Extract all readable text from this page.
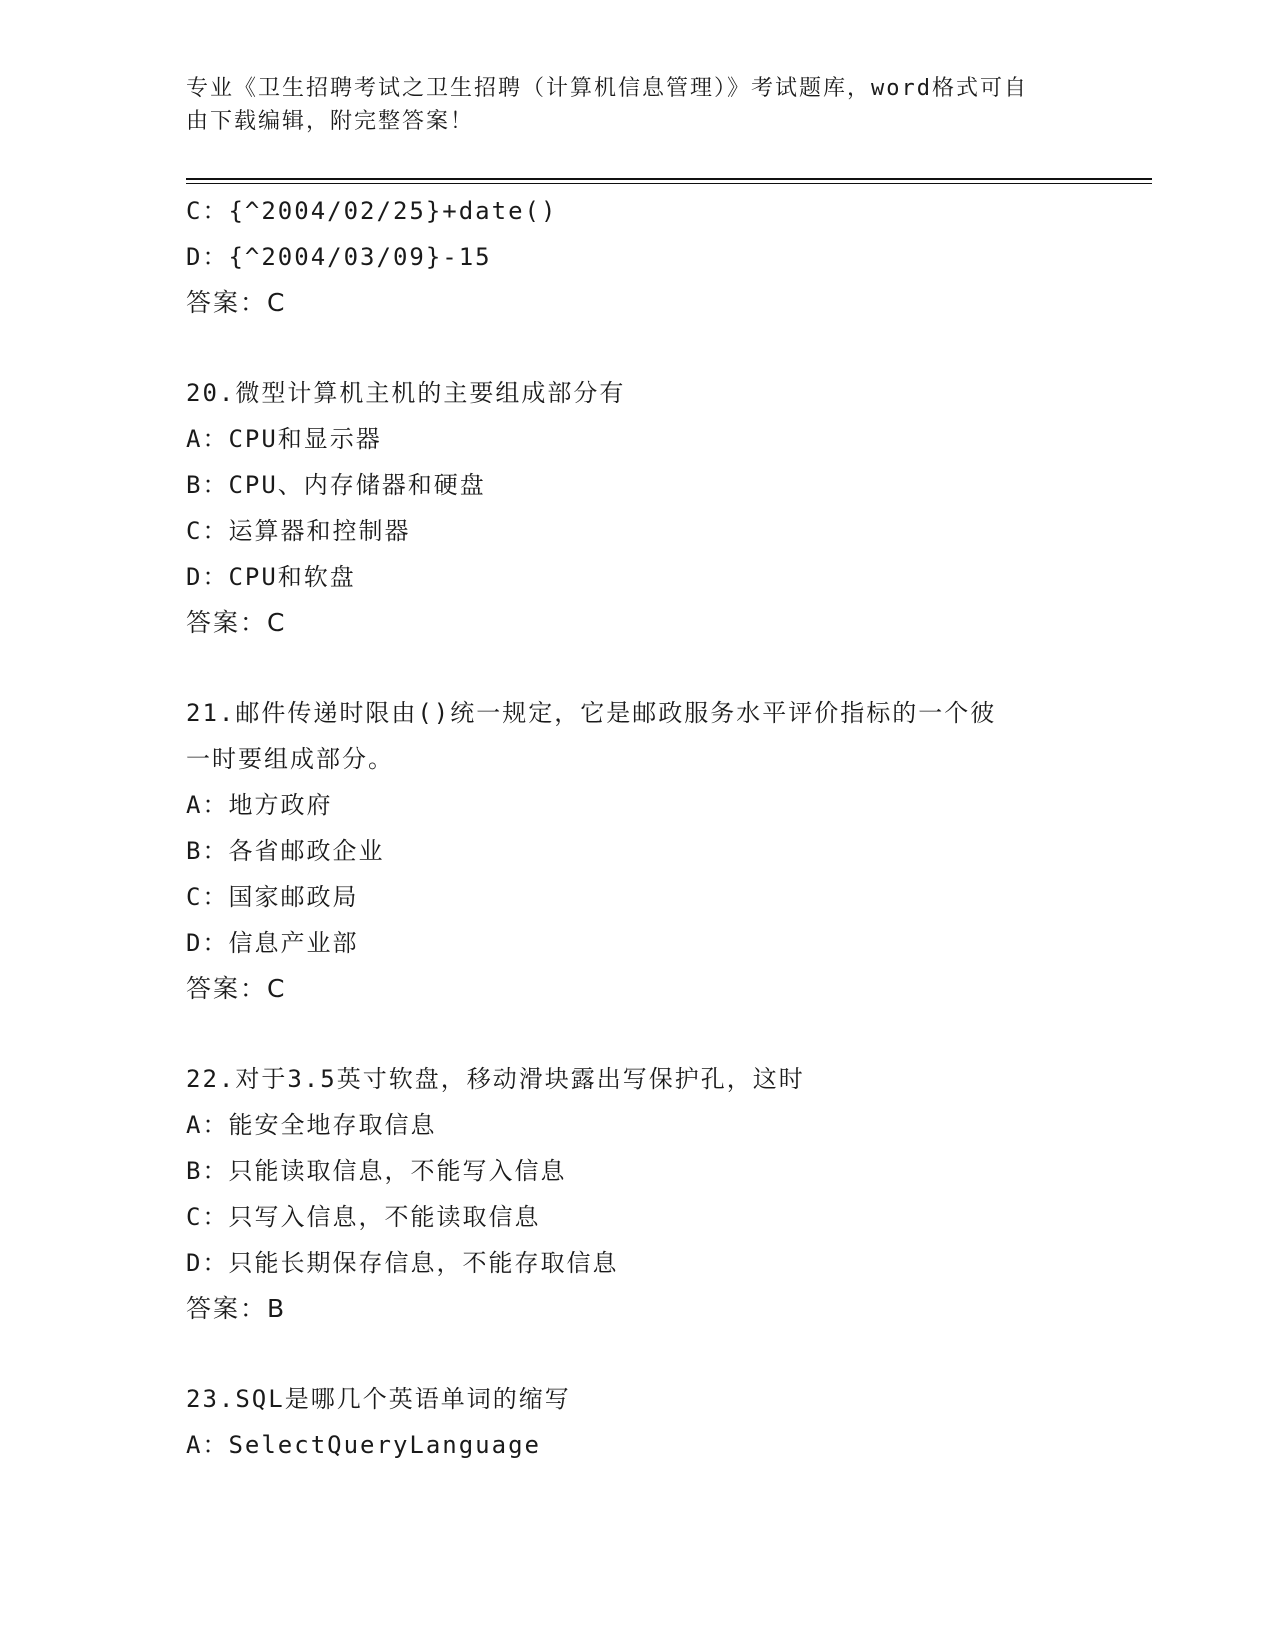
专业《卫生招聘考试之卫生招聘（计算机信息管理）》考试题库，word格式可自
由下载编辑，附完整答案！
C：{^2004/02/25}+date()
D：{^2004/03/09}-15
答案：C
20.微型计算机主机的主要组成部分有
A：CPU和显示器
B：CPU、内存储器和硬盘
C：运算器和控制器
D：CPU和软盘
答案：C
21.邮件传递时限由()统一规定，它是邮政服务水平评价指标的一个彼
一时要组成部分。
A：地方政府
B：各省邮政企业
C：国家邮政局
D：信息产业部
答案：C
22.对于3.5英寸软盘，移动滑块露出写保护孔，这时
A：能安全地存取信息
B：只能读取信息，不能写入信息
C：只写入信息，不能读取信息
D：只能长期保存信息，不能存取信息
答案：B
23.SQL是哪几个英语单词的缩写
A：SelectQueryLanguage
